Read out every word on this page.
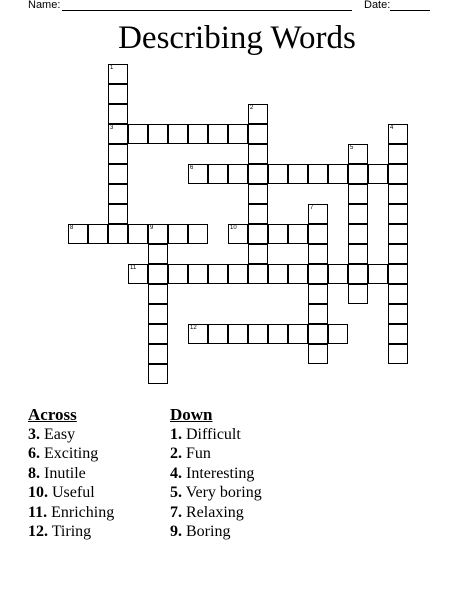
Name:	Date:
Describing Words
1
3
2
4
5
6
7
8	9	10
11
12
Across
3. Easy
6. Exciting
8. Inutile
10. Useful
11. Enriching
12. Tiring
Down
1. Difficult
2. Fun
4. Interesting
5. Very boring
7. Relaxing
9. Boring
